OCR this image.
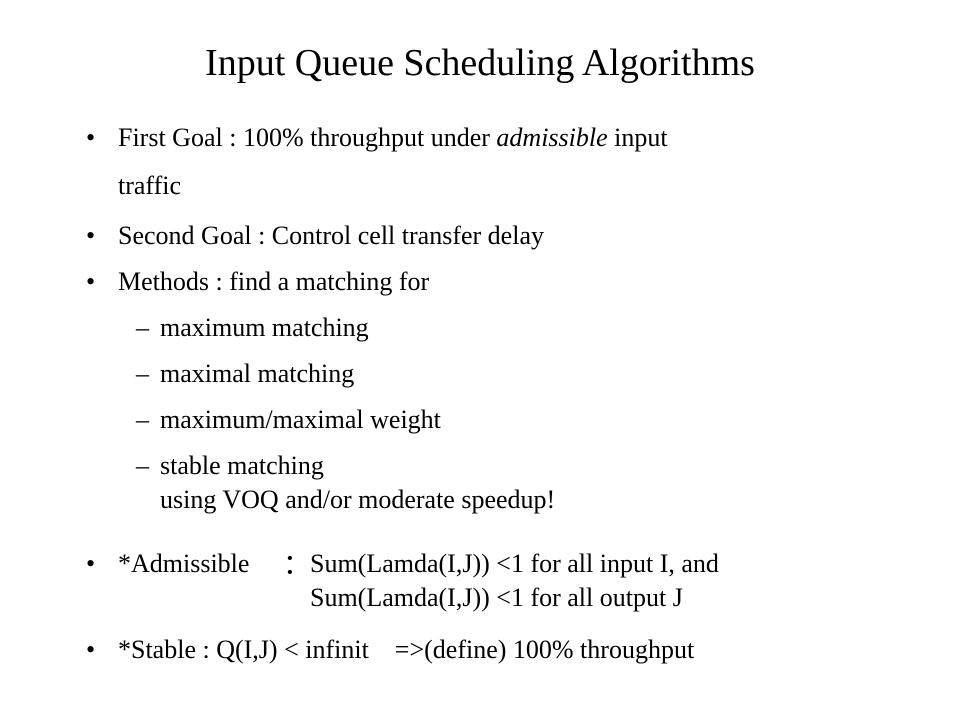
Input Queue Scheduling Algorithms
• First Goal : 100% throughput under admissible input
traffic
• Second Goal : Control cell transfer delay
• Methods : find a matching for
– maximum matching
– maximal matching
– maximum/maximal weight
– stable matching
using VOQ and/or moderate speedup!
• *Admissible ：
Sum(Lamda(I,J)) <1 for all input I, and
Sum(Lamda(I,J)) <1 for all output J
• *Stable : Q(I,J) < infinit    =>(define) 100% throughput
